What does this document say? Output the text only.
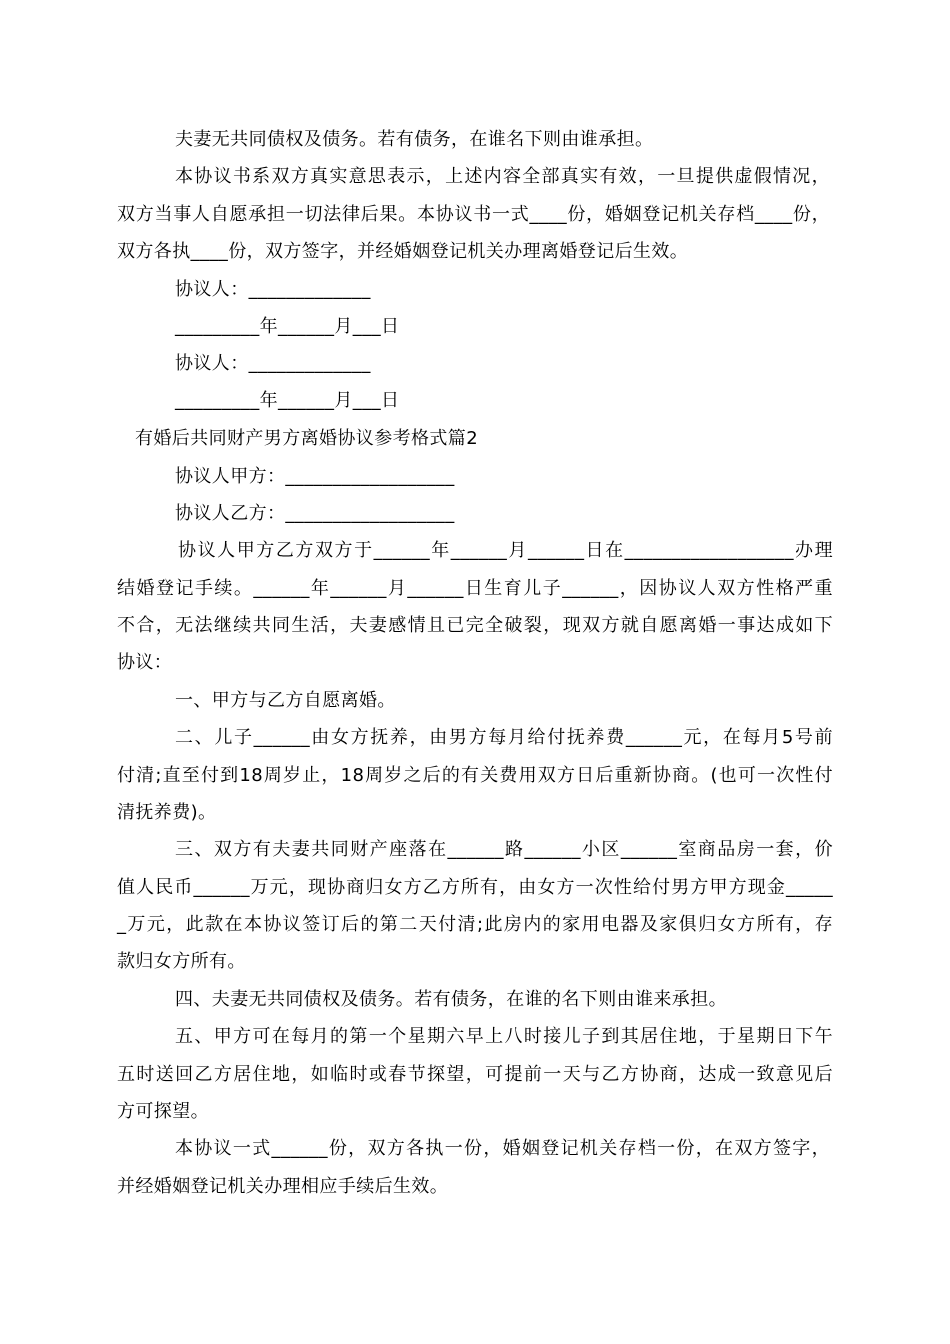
夫妻无共同债权及债务。若有债务，在谁名下则由谁承担。
本协议书系双方真实意思表示，上述内容全部真实有效，一旦提供虚假情况，
双方当事人自愿承担一切法律后果。本协议书一式____份，婚姻登记机关存档____份，
双方各执____份，双方签字，并经婚姻登记机关办理离婚登记后生效。
协议人：_____________
_________年______月___日
协议人：_____________
_________年______月___日
有婚后共同财产男方离婚协议参考格式篇2
协议人甲方：__________________
协议人乙方：__________________
协议人甲方乙方双方于______年______月______日在__________________办理
结婚登记手续。______年______月______日生育儿子______，因协议人双方性格严重
不合，无法继续共同生活，夫妻感情且已完全破裂，现双方就自愿离婚一事达成如下
协议：
一、甲方与乙方自愿离婚。
二、儿子______由女方抚养，由男方每月给付抚养费______元，在每月5号前
付清;直至付到18周岁止，18周岁之后的有关费用双方日后重新协商。(也可一次性付
清抚养费)。
三、双方有夫妻共同财产座落在______路______小区______室商品房一套，价
值人民币______万元，现协商归女方乙方所有，由女方一次性给付男方甲方现金_____
_万元，此款在本协议签订后的第二天付清;此房内的家用电器及家俱归女方所有，存
款归女方所有。
四、夫妻无共同债权及债务。若有债务，在谁的名下则由谁来承担。
五、甲方可在每月的第一个星期六早上八时接儿子到其居住地，于星期日下午
五时送回乙方居住地，如临时或春节探望，可提前一天与乙方协商，达成一致意见后
方可探望。
本协议一式______份，双方各执一份，婚姻登记机关存档一份，在双方签字，
并经婚姻登记机关办理相应手续后生效。
